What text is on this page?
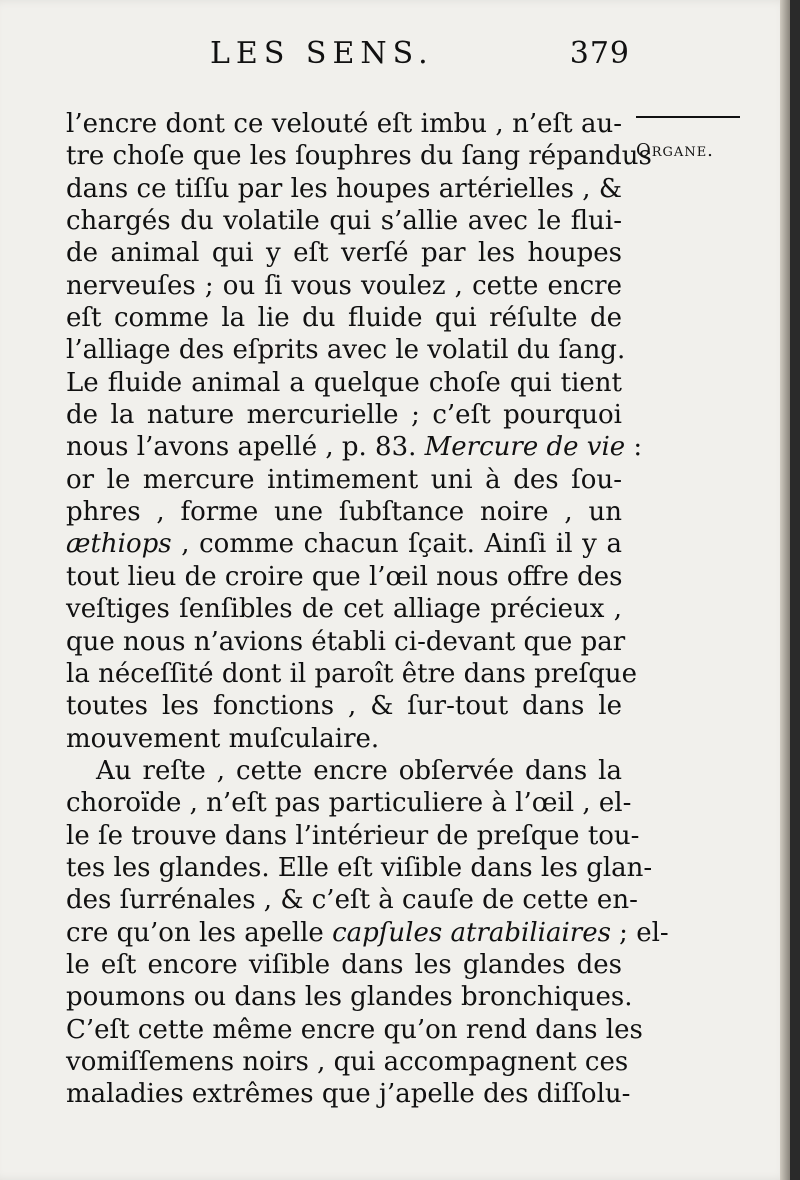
LES SENS.	379
Organe.
l’encre dont ce velouté eſt imbu , n’eſt au-
tre choſe que les ſouphres du ſang répandus
dans ce tiſſu par les houpes artérielles , &
chargés du volatile qui s’allie avec le flui-
de animal qui y eſt verſé par les houpes
nerveuſes ; ou ſi vous voulez , cette encre
eſt comme la lie du fluide qui réſulte de
l’alliage des eſprits avec le volatil du ſang.
Le fluide animal a quelque choſe qui tient
de la nature mercurielle ; c’eſt pourquoi
nous l’avons apellé , p. 83. Mercure de vie :
or le mercure intimement uni à des ſou-
phres , forme une ſubſtance noire , un
æthiops , comme chacun ſçait. Ainſi il y a
tout lieu de croire que l’œil nous offre des
veſtiges ſenſibles de cet alliage précieux ,
que nous n’avions établi ci-devant que par
la néceſſité dont il paroît être dans preſque
toutes les fonctions , & ſur-tout dans le
mouvement muſculaire.
Au reſte , cette encre obſervée dans la
choroïde , n’eſt pas particuliere à l’œil , el-
le ſe trouve dans l’intérieur de preſque tou-
tes les glandes. Elle eſt viſible dans les glan-
des ſurrénales , & c’eſt à cauſe de cette en-
cre qu’on les apelle capſules atrabiliaires ; el-
le eſt encore viſible dans les glandes des
poumons ou dans les glandes bronchiques.
C’eſt cette même encre qu’on rend dans les
vomiſſemens noirs , qui accompagnent ces
maladies extrêmes que j’apelle des diſſolu-
